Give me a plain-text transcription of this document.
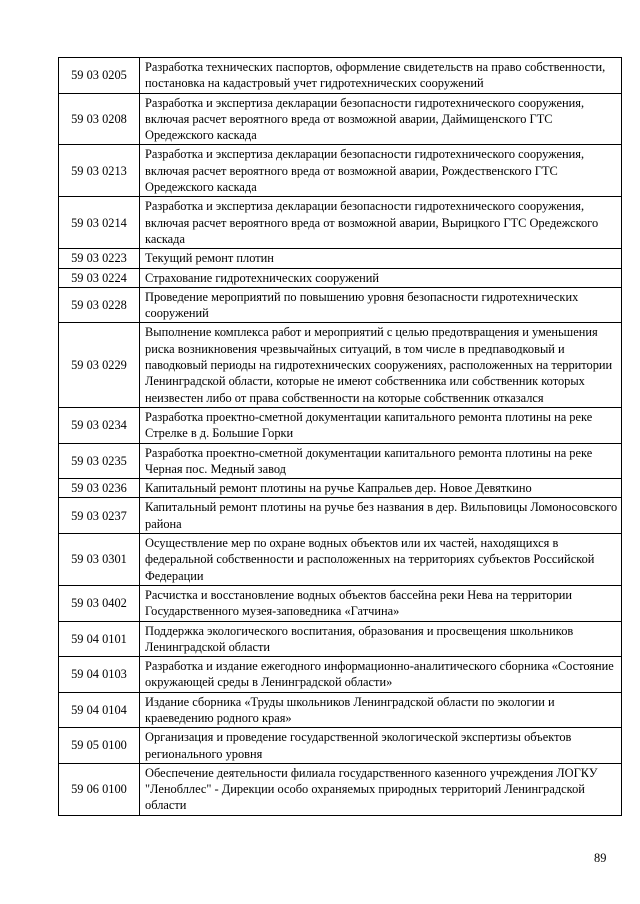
59 03 0205	Разработка технических паспортов, оформление свидетельств на право собственности, постановка на кадастровый учет гидротехнических сооружений
59 03 0208	Разработка и экспертиза декларации безопасности гидротехнического сооружения, включая расчет вероятного вреда от возможной аварии, Даймищенского ГТС Оредежского каскада
59 03 0213	Разработка и экспертиза декларации безопасности гидротехнического сооружения, включая расчет вероятного вреда от возможной аварии, Рождественского ГТС Оредежского каскада
59 03 0214	Разработка и экспертиза декларации безопасности гидротехнического сооружения, включая расчет вероятного вреда от возможной аварии, Вырицкого ГТС Оредежского каскада
59 03 0223	Текущий ремонт плотин
59 03 0224	Страхование гидротехнических сооружений
59 03 0228	Проведение мероприятий по повышению уровня безопасности гидротехнических сооружений
59 03 0229	Выполнение комплекса работ и мероприятий с целью предотвращения и уменьшения риска возникновения чрезвычайных ситуаций, в том числе в предпаводковый и паводковый периоды на гидротехнических сооружениях, расположенных на территории Ленинградской области, которые не имеют собственника или собственник которых неизвестен либо от права собственности на которые собственник отказался
59 03 0234	Разработка проектно-сметной документации капитального ремонта плотины на реке Стрелке в д. Большие Горки
59 03 0235	Разработка проектно-сметной документации капитального ремонта плотины на реке Черная пос. Медный завод
59 03 0236	Капитальный ремонт плотины на ручье Капральев дер. Новое Девяткино
59 03 0237	Капитальный ремонт плотины на ручье без названия в дер. Вильповицы Ломоносовского района
59 03 0301	Осуществление мер по охране водных объектов или их частей, находящихся в федеральной собственности и расположенных на территориях субъектов Российской Федерации
59 03 0402	Расчистка и восстановление водных объектов бассейна реки Нева на территории Государственного музея-заповедника «Гатчина»
59 04 0101	Поддержка экологического воспитания, образования и просвещения школьников Ленинградской области
59 04 0103	Разработка и издание ежегодного информационно-аналитического сборника «Состояние окружающей среды в Ленинградской области»
59 04 0104	Издание сборника «Труды школьников Ленинградской области по экологии и краеведению родного края»
59 05 0100	Организация и проведение государственной экологической экспертизы объектов регионального уровня
59 06 0100	Обеспечение деятельности филиала государственного казенного учреждения ЛОГКУ "Ленобллес" - Дирекции особо охраняемых природных территорий Ленинградской области
89
